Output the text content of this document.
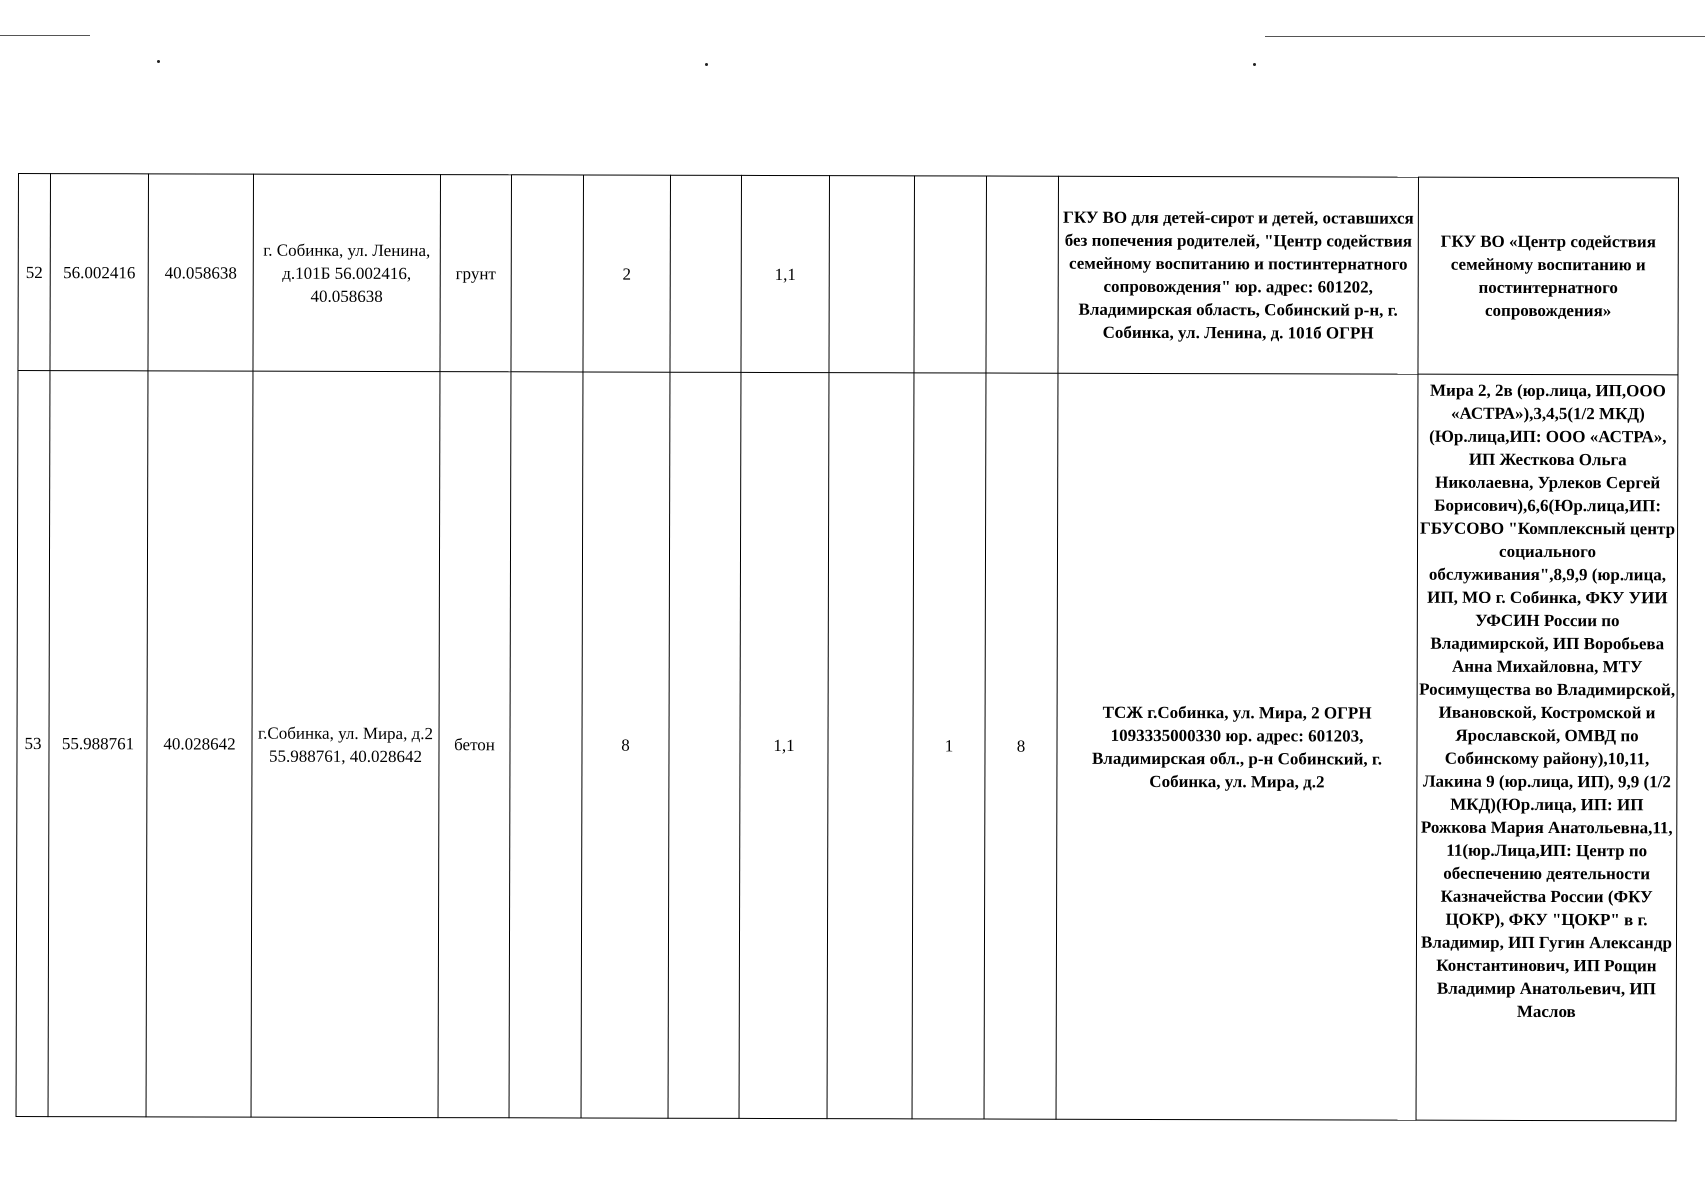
52	56.002416	40.058638	г. Собинка, ул. Ленина, д.101Б 56.002416, 40.058638	грунт		2		1,1				ГКУ ВО для детей-сирот и детей, оставшихся без попечения родителей, "Центр содействия семейному воспитанию и постинтернатного сопровождения" юр. адрес: 601202, Владимирская область, Собинский р-н, г. Собинка, ул. Ленина, д. 101б ОГРН	ГКУ ВО «Центр содействия семейному воспитанию и постинтернатного сопровождения»
53	55.988761	40.028642	г.Собинка, ул. Мира, д.2 55.988761, 40.028642	бетон		8		1,1		1	8	ТСЖ г.Собинка, ул. Мира, 2 ОГРН 1093335000330 юр. адрес: 601203, Владимирская обл., р-н Собинский, г. Собинка, ул. Мира, д.2	Мира 2, 2в (юр.лица, ИП,ООО «АСТРА»),3,4,5(1/2 МКД)(Юр.лица,ИП: ООО «АСТРА», ИП Жесткова Ольга Николаевна, Урлеков Сергей Борисович),6,6(Юр.лица,ИП: ГБУСОВО "Комплексный центр социального обслуживания",8,9,9 (юр.лица, ИП, МО г. Собинка, ФКУ УИИ УФСИН России по Владимирской, ИП Воробьева Анна Михайловна, МТУ Росимущества во Владимирской, Ивановской, Костромской и Ярославской, ОМВД по Собинскому району),10,11, Лакина 9 (юр.лица, ИП), 9,9 (1/2 МКД)(Юр.лица, ИП: ИП Рожкова Мария Анатольевна,11, 11(юр.Лица,ИП: Центр по обеспечению деятельности Казначейства России (ФКУ ЦОКР), ФКУ "ЦОКР" в г. Владимир, ИП Гугин Александр Константинович, ИП Рощин Владимир Анатольевич, ИП Маслов
